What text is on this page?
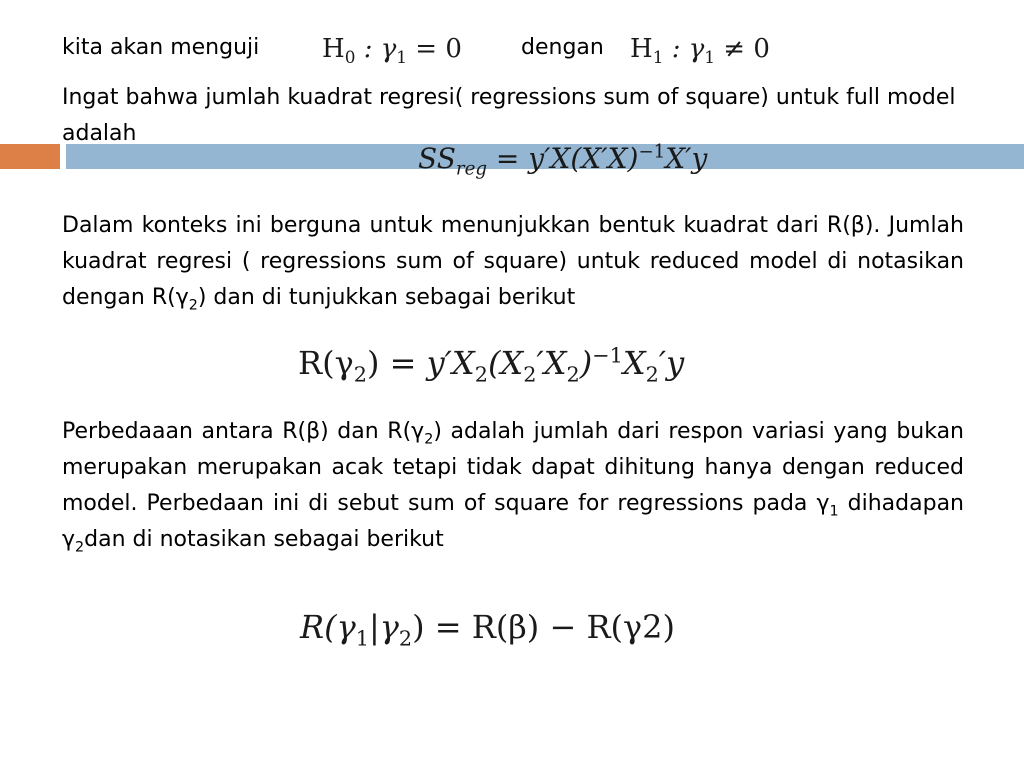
kita akan menguji $H_0$ : $\gamma_1 = 0$	dengan $H_1$ : $\gamma_1 \ne 0$

Ingat bahwa jumlah kuadrat regresi( regressions sum of square) untuk full model adalah

$SS_{reg} = y'X(X'X)^{-1}X'y$

Dalam konteks ini berguna untuk menunjukkan bentuk kuadrat dari R(β). Jumlah kuadrat regresi ( regressions sum of square) untuk reduced model di notasikan dengan $R(\gamma_2)$ dan di tunjukkan sebagai berikut

$R(\gamma_2) = y'X_2(X_2'X_2)^{-1}X_2'y$

Perbedaaan antara R(β) dan $R(\gamma_2)$ adalah jumlah dari respon variasi yang bukan merupakan merupakan acak tetapi tidak dapat dihitung hanya dengan reduced model. Perbedaan ini di sebut sum of square for regressions pada $\gamma_1$ dihadapan $\gamma_2dan$ di notasikan sebagai berikut

$R(\gamma_1|\gamma_2) = R(\beta) - R(\gamma 2)$
